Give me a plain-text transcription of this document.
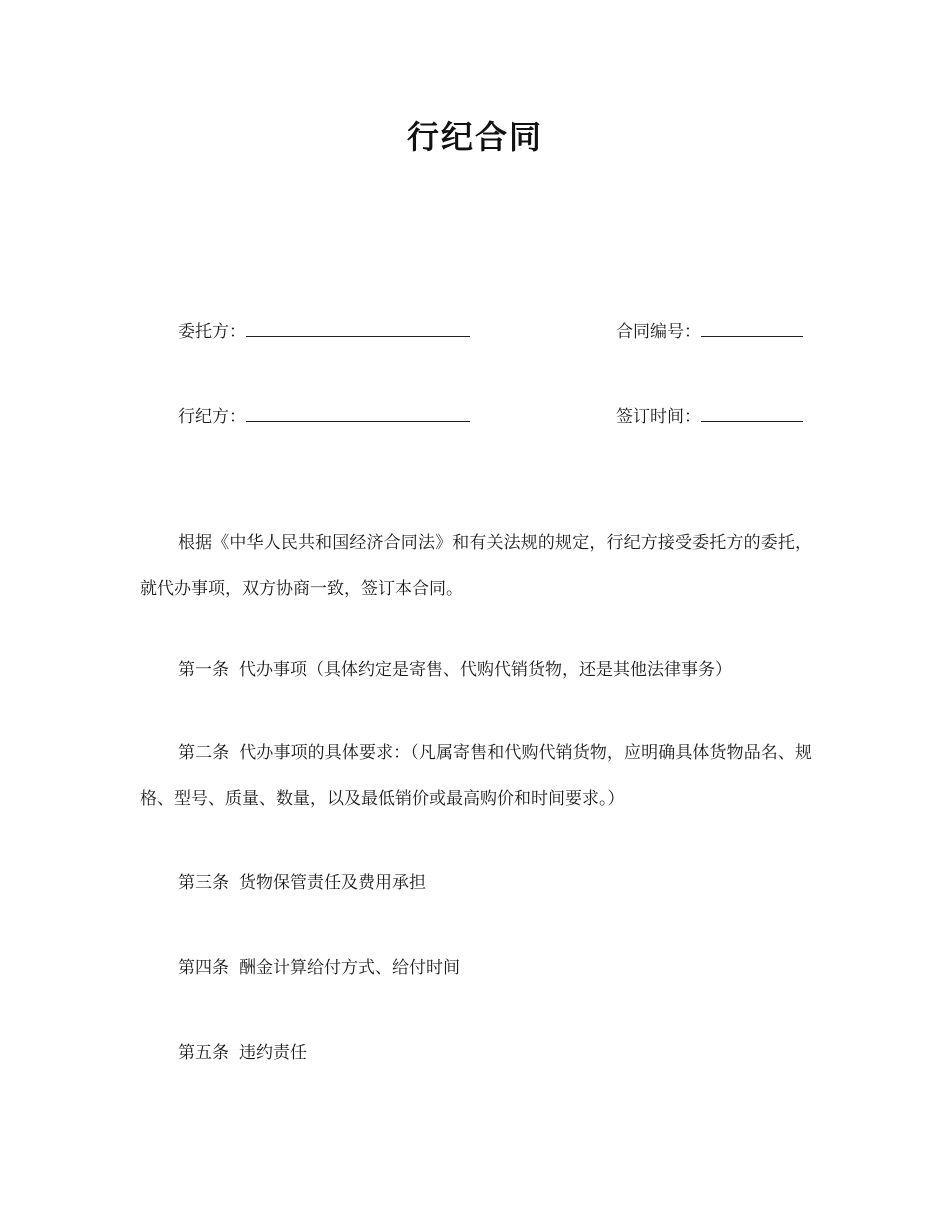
行纪合同
委托方：	合同编号：
行纪方：	签订时间：
根据《中华人民共和国经济合同法》和有关法规的规定，行纪方接受委托方的委托，就代办事项，双方协商一致，签订本合同。
第一条 代办事项（具体约定是寄售、代购代销货物，还是其他法律事务）
第二条 代办事项的具体要求：（凡属寄售和代购代销货物，应明确具体货物品名、规格、型号、质量、数量，以及最低销价或最高购价和时间要求。）
第三条 货物保管责任及费用承担
第四条 酬金计算给付方式、给付时间
第五条 违约责任
